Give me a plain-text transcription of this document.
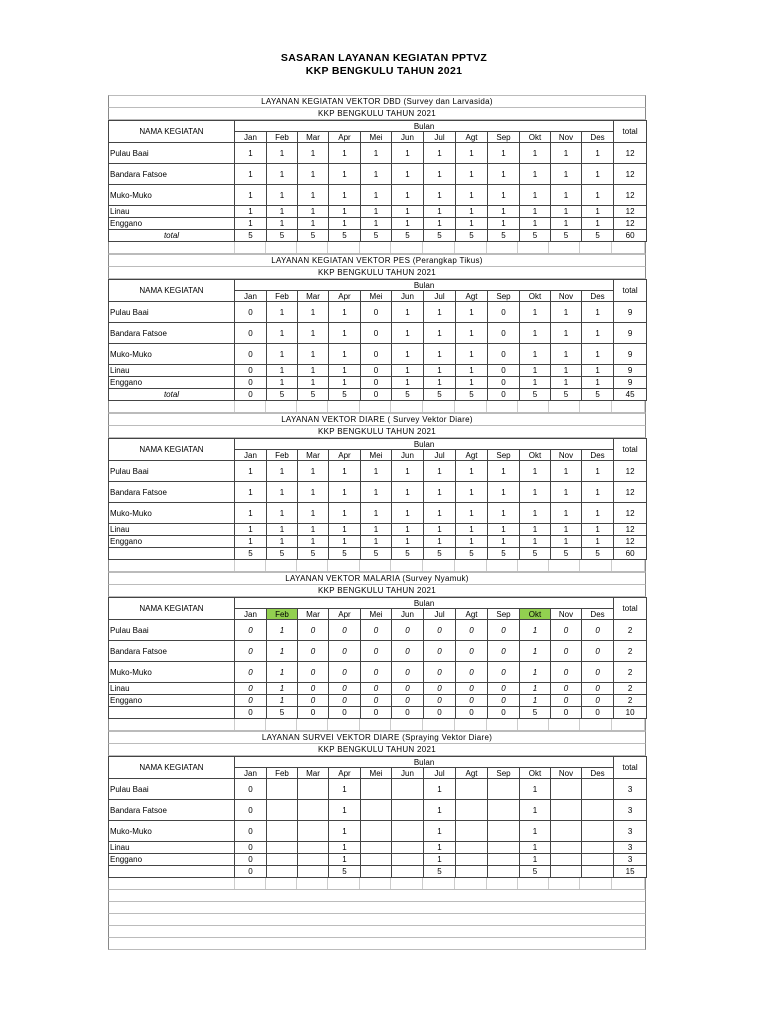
SASARAN LAYANAN KEGIATAN PPTVZ
KKP BENGKULU TAHUN 2021
LAYANAN KEGIATAN VEKTOR DBD (Survey dan Larvasida)
KKP BENGKULU TAHUN 2021
NAMA KEGIATAN	Bulan												total
	Jan	Feb	Mar	Apr	Mei	Jun	Jul	Agt	Sep	Okt	Nov	Des	
Pulau Baai	1	1	1	1	1	1	1	1	1	1	1	1	12
Bandara Fatsoe	1	1	1	1	1	1	1	1	1	1	1	1	12
Muko-Muko	1	1	1	1	1	1	1	1	1	1	1	1	12
Linau	1	1	1	1	1	1	1	1	1	1	1	1	12
Enggano	1	1	1	1	1	1	1	1	1	1	1	1	12
total	5	5	5	5	5	5	5	5	5	5	5	5	60
LAYANAN KEGIATAN VEKTOR PES (Perangkap Tikus)
KKP BENGKULU TAHUN 2021
NAMA KEGIATAN	Bulan												total
	Jan	Feb	Mar	Apr	Mei	Jun	Jul	Agt	Sep	Okt	Nov	Des	
Pulau Baai	0	1	1	1	0	1	1	1	0	1	1	1	9
Bandara Fatsoe	0	1	1	1	0	1	1	1	0	1	1	1	9
Muko-Muko	0	1	1	1	0	1	1	1	0	1	1	1	9
Linau	0	1	1	1	0	1	1	1	0	1	1	1	9
Enggano	0	1	1	1	0	1	1	1	0	1	1	1	9
total	0	5	5	5	0	5	5	5	0	5	5	5	45
LAYANAN VEKTOR DIARE ( Survey Vektor Diare)
KKP BENGKULU TAHUN 2021
NAMA KEGIATAN	Bulan												total
	Jan	Feb	Mar	Apr	Mei	Jun	Jul	Agt	Sep	Okt	Nov	Des	
Pulau Baai	1	1	1	1	1	1	1	1	1	1	1	1	12
Bandara Fatsoe	1	1	1	1	1	1	1	1	1	1	1	1	12
Muko-Muko	1	1	1	1	1	1	1	1	1	1	1	1	12
Linau	1	1	1	1	1	1	1	1	1	1	1	1	12
Enggano	1	1	1	1	1	1	1	1	1	1	1	1	12
	5	5	5	5	5	5	5	5	5	5	5	5	60
LAYANAN VEKTOR MALARIA (Survey Nyamuk)
KKP BENGKULU TAHUN 2021
NAMA KEGIATAN	Bulan												total
	Jan	Feb	Mar	Apr	Mei	Jun	Jul	Agt	Sep	Okt	Nov	Des	
Pulau Baai	0	1	0	0	0	0	0	0	0	1	0	0	2
Bandara Fatsoe	0	1	0	0	0	0	0	0	0	1	0	0	2
Muko-Muko	0	1	0	0	0	0	0	0	0	1	0	0	2
Linau	0	1	0	0	0	0	0	0	0	1	0	0	2
Enggano	0	1	0	0	0	0	0	0	0	1	0	0	2
	0	5	0	0	0	0	0	0	0	5	0	0	10
LAYANAN SURVEI VEKTOR DIARE (Spraying Vektor Diare)
KKP BENGKULU TAHUN 2021
NAMA KEGIATAN	Bulan												total
	Jan	Feb	Mar	Apr	Mei	Jun	Jul	Agt	Sep	Okt	Nov	Des	
Pulau Baai	0			1			1			1			3
Bandara Fatsoe	0			1			1			1			3
Muko-Muko	0			1			1			1			3
Linau	0			1			1			1			3
Enggano	0			1			1			1			3
	0			5			5			5			15
